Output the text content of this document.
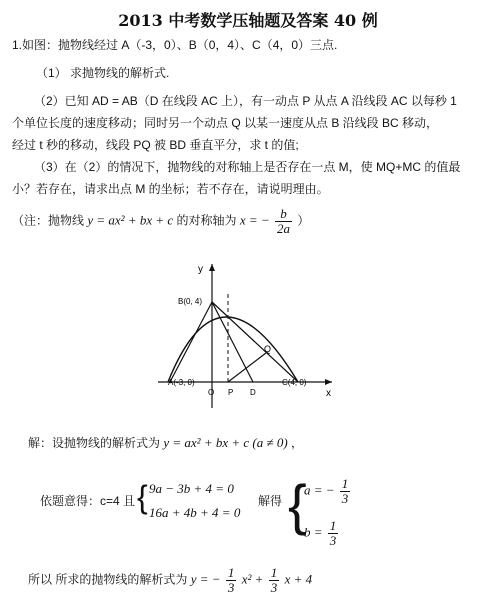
2013 中考数学压轴题及答案 40 例
1.如图：抛物线经过 A（-3，0）、B（0，4）、C（4，0）三点.
（1） 求抛物线的解析式.
（2）已知 AD = AB（D 在线段 AC 上），有一动点 P 从点 A 沿线段 AC 以每秒 1
个单位长度的速度移动；同时另一个动点 Q 以某一速度从点 B 沿线段 BC 移动，
经过 t 秒的移动，线段 PQ 被 BD 垂直平分，求 t 的值;
（3）在（2）的情况下，抛物线的对称轴上是否存在一点 M，使 MQ+MC 的值最
小？若存在，请求出点 M 的坐标；若不存在，请说明理由。
（注：抛物线 y = ax² + bx + c 的对称轴为 x = − $\frac{b}{2a}$ ）
y
x
B(0, 4)
A(-3, 0)
O P D
C(4, 0)
Q
解：设抛物线的解析式为 y = ax² + bx + c (a ≠ 0) ，
依题意得：c=4 且 { 9a − 3b + 4 = 0
16a + 4b + 4 = 0
解得 {
a = − $\frac{1}{3}$
$b = \frac{1}{3}$
所以 所求的抛物线的解析式为 y = − $\frac{1}{3} x^2 + \frac{1}{3}$ x + 4
